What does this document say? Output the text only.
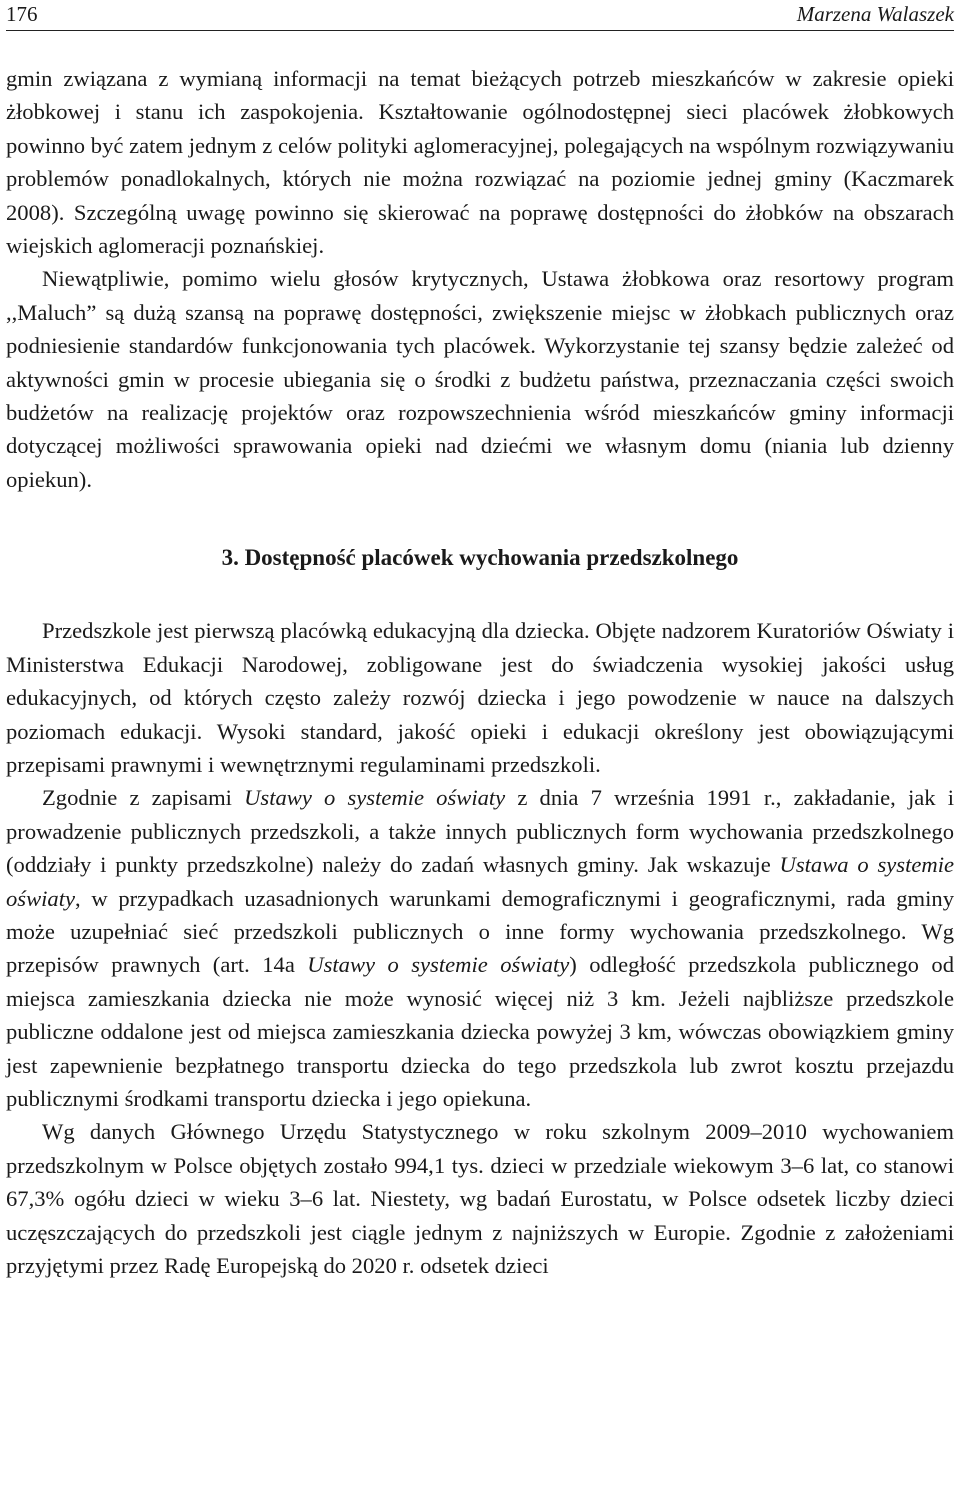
176	Marzena Walaszek

gmin związana z wymianą informacji na temat bieżących potrzeb mieszkańców w zakresie opieki żłobkowej i stanu ich zaspokojenia. Kształtowanie ogólnodostępnej sieci placówek żłobkowych powinno być zatem jednym z celów polityki aglomeracyjnej, polegających na wspólnym rozwiązywaniu problemów ponadlokalnych, których nie można rozwiązać na poziomie jednej gminy (Kaczmarek 2008). Szczególną uwagę powinno się skierować na poprawę dostępności do żłobków na obszarach wiejskich aglomeracji poznańskiej.

Niewątpliwie, pomimo wielu głosów krytycznych, Ustawa żłobkowa oraz resortowy program ,,Maluch” są dużą szansą na poprawę dostępności, zwiększenie miejsc w żłobkach publicznych oraz podniesienie standardów funkcjonowania tych placówek. Wykorzystanie tej szansy będzie zależeć od aktywności gmin w procesie ubiegania się o środki z budżetu państwa, przeznaczania części swoich budżetów na realizację projektów oraz rozpowszechnienia wśród mieszkańców gminy informacji dotyczącej możliwości sprawowania opieki nad dziećmi we własnym domu (niania lub dzienny opiekun).

3. Dostępność placówek wychowania przedszkolnego

Przedszkole jest pierwszą placówką edukacyjną dla dziecka. Objęte nadzorem Kuratoriów Oświaty i Ministerstwa Edukacji Narodowej, zobligowane jest do świadczenia wysokiej jakości usług edukacyjnych, od których często zależy rozwój dziecka i jego powodzenie w nauce na dalszych poziomach edukacji. Wysoki standard, jakość opieki i edukacji określony jest obowiązującymi przepisami prawnymi i wewnętrznymi regulaminami przedszkoli.

Zgodnie z zapisami Ustawy o systemie oświaty z dnia 7 września 1991 r., zakładanie, jak i prowadzenie publicznych przedszkoli, a także innych publicznych form wychowania przedszkolnego (oddziały i punkty przedszkolne) należy do zadań własnych gminy. Jak wskazuje Ustawa o systemie oświaty, w przypadkach uzasadnionych warunkami demograficznymi i geograficznymi, rada gminy może uzupełniać sieć przedszkoli publicznych o inne formy wychowania przedszkolnego. Wg przepisów prawnych (art. 14a Ustawy o systemie oświaty) odległość przedszkola publicznego od miejsca zamieszkania dziecka nie może wynosić więcej niż 3 km. Jeżeli najbliższe przedszkole publiczne oddalone jest od miejsca zamieszkania dziecka powyżej 3 km, wówczas obowiązkiem gminy jest zapewnienie bezpłatnego transportu dziecka do tego przedszkola lub zwrot kosztu przejazdu publicznymi środkami transportu dziecka i jego opiekuna.

Wg danych Głównego Urzędu Statystycznego w roku szkolnym 2009–2010 wychowaniem przedszkolnym w Polsce objętych zostało 994,1 tys. dzieci w przedziale wiekowym 3–6 lat, co stanowi 67,3% ogółu dzieci w wieku 3–6 lat. Niestety, wg badań Eurostatu, w Polsce odsetek liczby dzieci uczęszczających do przedszkoli jest ciągle jednym z najniższych w Europie. Zgodnie z założeniami przyjętymi przez Radę Europejską do 2020 r. odsetek dzieci
